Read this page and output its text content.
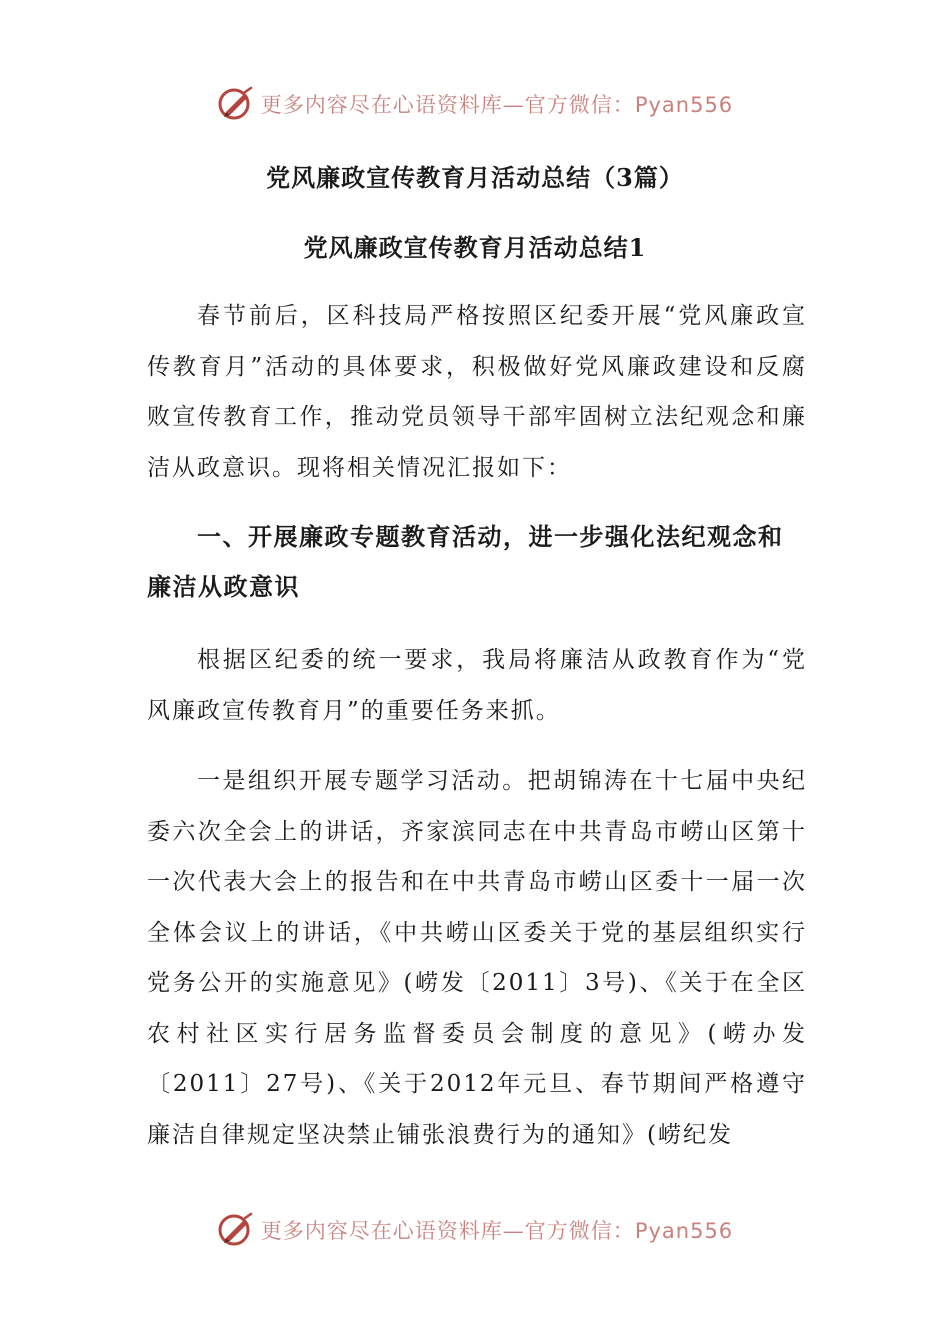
更多内容尽在心语资料库—官方微信：Pyan556
党风廉政宣传教育月活动总结（3篇）
党风廉政宣传教育月活动总结1

春节前后，区科技局严格按照区纪委开展“党风廉政宣传教育月”活动的具体要求，积极做好党风廉政建设和反腐败宣传教育工作，推动党员领导干部牢固树立法纪观念和廉洁从政意识。现将相关情况汇报如下：

一、开展廉政专题教育活动，进一步强化法纪观念和廉洁从政意识

根据区纪委的统一要求，我局将廉洁从政教育作为“党风廉政宣传教育月”的重要任务来抓。

一是组织开展专题学习活动。把胡锦涛在十七届中央纪委六次全会上的讲话，齐家滨同志在中共青岛市崂山区第十一次代表大会上的报告和在中共青岛市崂山区委十一届一次全体会议上的讲话，《中共崂山区委关于党的基层组织实行党务公开的实施意见》(崂发〔2011〕3号)、《关于在全区农村社区实行居务监督委员会制度的意见》(崂办发〔2011〕27号)、《关于2012年元旦、春节期间严格遵守廉洁自律规定坚决禁止铺张浪费行为的通知》(崂纪发

更多内容尽在心语资料库—官方微信：Pyan556
